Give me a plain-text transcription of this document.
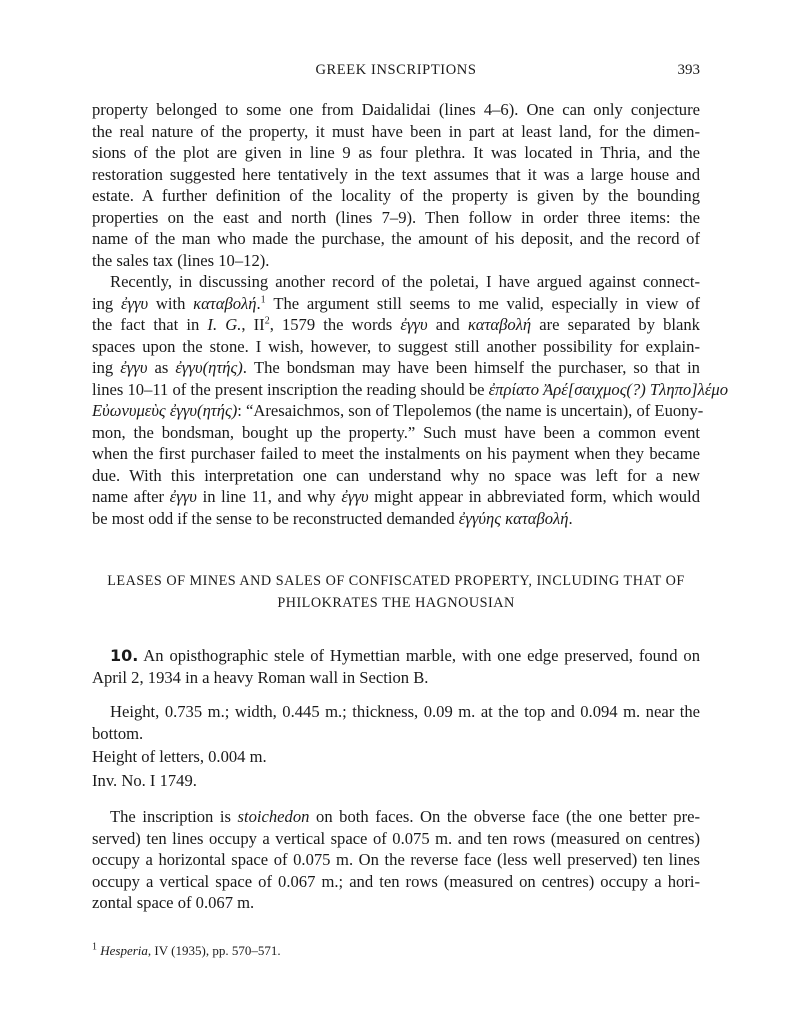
GREEK INSCRIPTIONS	393
property belonged to some one from Daidalidai (lines 4–6). One can only conjecture
the real nature of the property, it must have been in part at least land, for the dimen-
sions of the plot are given in line 9 as four plethra. It was located in Thria, and the
restoration suggested here tentatively in the text assumes that it was a large house and
estate. A further definition of the locality of the property is given by the bounding
properties on the east and north (lines 7–9). Then follow in order three items: the
name of the man who made the purchase, the amount of his deposit, and the record of
the sales tax (lines 10–12).
Recently, in discussing another record of the poletai, I have argued against connect-
ing ἐγγυ with καταβολή.$^1$ The argument still seems to me valid, especially in view of
the fact that in I. G., $II^2$, 1579 the words ἐγγυ and καταβολή are separated by blank
spaces upon the stone. I wish, however, to suggest still another possibility for explain-
ing ἐγγυ as ἐγγυ(ητής). The bondsman may have been himself the purchaser, so that in
lines 10–11 of the present inscription the reading should be ἐπρίατο Ἀρέ[σαιχμος(?) Τληπο]λέμο
Εὐωνυμεὺς ἐγγυ(ητής): “Aresaichmos, son of Tlepolemos (the name is uncertain), of Euony-
mon, the bondsman, bought up the property.” Such must have been a common event
when the first purchaser failed to meet the instalments on his payment when they became
due. With this interpretation one can understand why no space was left for a new
name after ἐγγυ in line 11, and why ἐγγυ might appear in abbreviated form, which would
be most odd if the sense to be reconstructed demanded ἐγγύης καταβολή.
LEASES OF MINES AND SALES OF CONFISCATED PROPERTY, INCLUDING THAT OF
PHILOKRATES THE HAGNOUSIAN
10. An opisthographic stele of Hymettian marble, with one edge preserved, found on
April 2, 1934 in a heavy Roman wall in Section Β.
Height, 0.735 m.; width, 0.445 m.; thickness, 0.09 m. at the top and 0.094 m. near the
bottom.
Height of letters, 0.004 m.
Inv. No. I 1749.
The inscription is stoichedon on both faces. On the obverse face (the one better pre-
served) ten lines occupy a vertical space of 0.075 m. and ten rows (measured on centres)
occupy a horizontal space of 0.075 m. On the reverse face (less well preserved) ten lines
occupy a vertical space of 0.067 m.; and ten rows (measured on centres) occupy a hori-
zontal space of 0.067 m.
$^1$ Hesperia, IV (1935), pp. 570–571.
